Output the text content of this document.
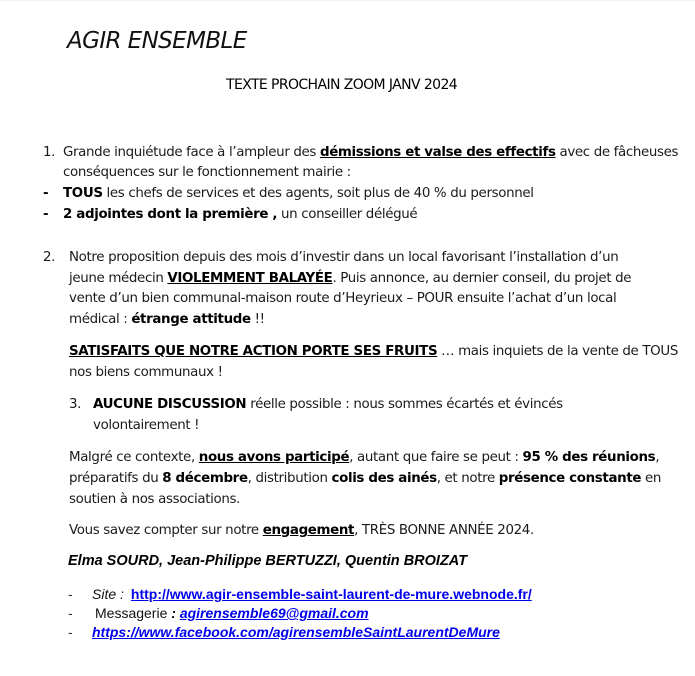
AGIR ENSEMBLE
TEXTE PROCHAIN ZOOM JANV 2024
1. Grande inquiétude face à l’ampleur des démissions et valse des effectifs avec de fâcheuses
conséquences sur le fonctionnement mairie :
- TOUS les chefs de services et des agents, soit plus de 40 % du personnel
- 2 adjointes dont la première , un conseiller délégué
2. Notre proposition depuis des mois d’investir dans un local favorisant l’installation d’un
jeune médecin VIOLEMMENT BALAYÉE. Puis annonce, au dernier conseil, du projet de
vente d’un bien communal-maison route d’Heyrieux – POUR ensuite l’achat d’un local
médical : étrange attitude !!
SATISFAITS QUE NOTRE ACTION PORTE SES FRUITS … mais inquiets de la vente de TOUS
nos biens communaux !
3. AUCUNE DISCUSSION réelle possible : nous sommes écartés et évincés
volontairement !
Malgré ce contexte, nous avons participé, autant que faire se peut : 95 % des réunions,
préparatifs du 8 décembre, distribution colis des ainés, et notre présence constante en
soutien à nos associations.
Vous savez compter sur notre engagement, TRÈS BONNE ANNÉE 2024.
Elma SOURD, Jean-Philippe BERTUZZI, Quentin BROIZAT
- Site : http://www.agir-ensemble-saint-laurent-de-mure.webnode.fr/
- Messagerie : agirensemble69@gmail.com
- https://www.facebook.com/agirensembleSaintLaurentDeMure
